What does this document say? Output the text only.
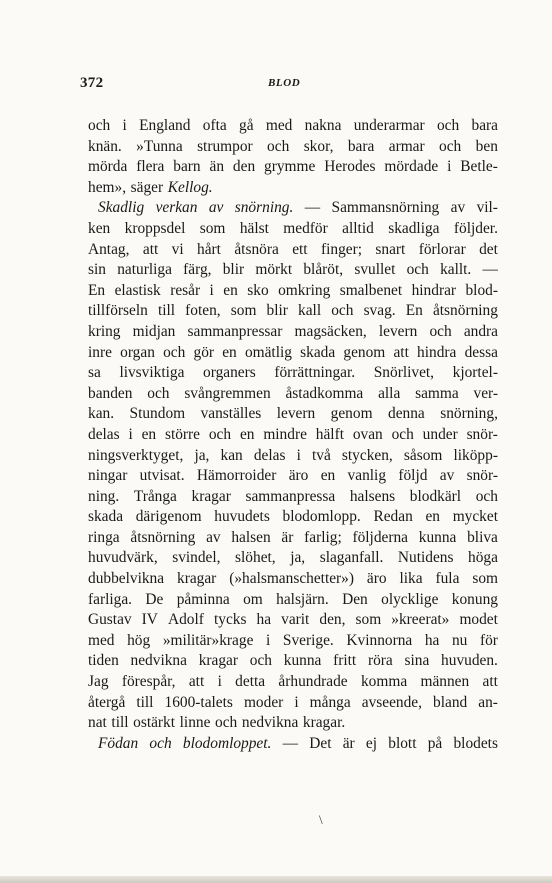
372	BLOD
och i England ofta gå med nakna underarmar och bara
knän. »Tunna strumpor och skor, bara armar och ben
mörda flera barn än den grymme Herodes mördade i Betle-
hem», säger Kellog.
Skadlig verkan av snörning. — Sammansnörning av vil-
ken kroppsdel som hälst medför alltid skadliga följder.
Antag, att vi hårt åtsnöra ett finger; snart förlorar det
sin naturliga färg, blir mörkt blåröt, svullet och kallt. —
En elastisk resår i en sko omkring smalbenet hindrar blod-
tillförseln till foten, som blir kall och svag. En åtsnörning
kring midjan sammanpressar magsäcken, levern och andra
inre organ och gör en omätlig skada genom att hindra dessa
sa livsviktiga organers förrättningar. Snörlivet, kjortel-
banden och svångremmen åstadkomma alla samma ver-
kan. Stundom vanställes levern genom denna snörning,
delas i en större och en mindre hälft ovan och under snör-
ningsverktyget, ja, kan delas i två stycken, såsom liköpp-
ningar utvisat. Hämorroider äro en vanlig följd av snör-
ning. Trånga kragar sammanpressa halsens blodkärl och
skada därigenom huvudets blodomlopp. Redan en mycket
ringa åtsnörning av halsen är farlig; följderna kunna bliva
huvudvärk, svindel, slöhet, ja, slaganfall. Nutidens höga
dubbelvikna kragar (»halsmanschetter») äro lika fula som
farliga. De påminna om halsjärn. Den olycklige konung
Gustav IV Adolf tycks ha varit den, som »kreerat» modet
med hög »militär»krage i Sverige. Kvinnorna ha nu för
tiden nedvikna kragar och kunna fritt röra sina huvuden.
Jag förespår, att i detta århundrade komma männen att
återgå till 1600-talets moder i många avseende, bland an-
nat till ostärkt linne och nedvikna kragar.
Födan och blodomloppet. — Det är ej blott på blodets
\
